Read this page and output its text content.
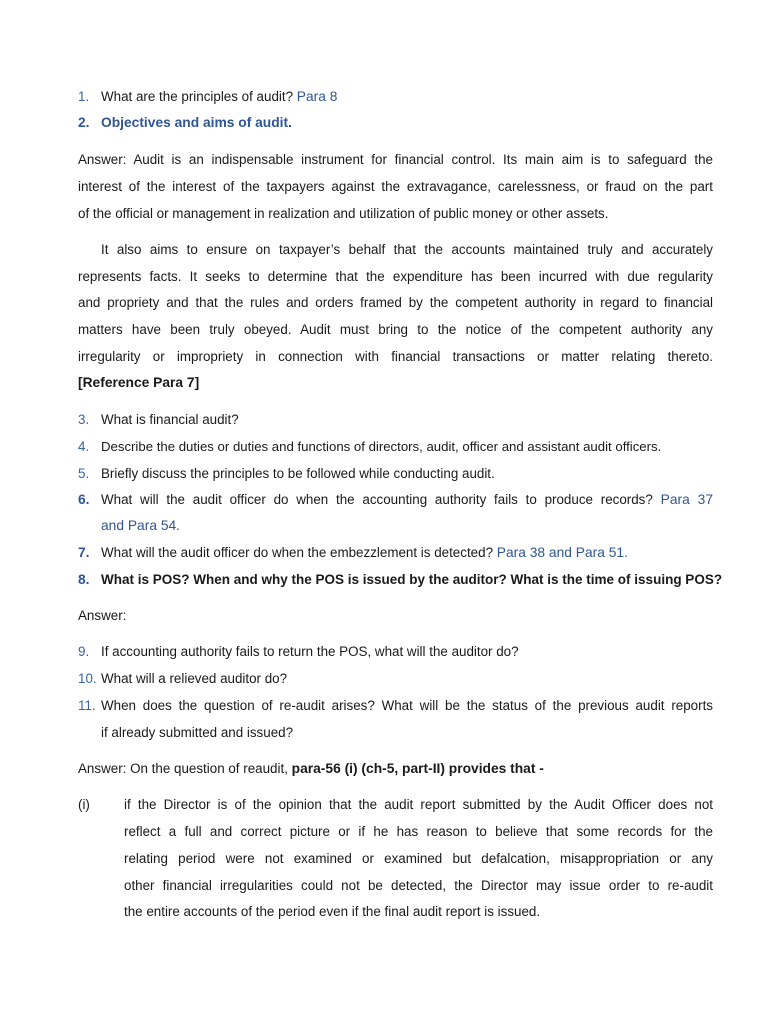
1. What are the principles of audit? Para 8
2. Objectives and aims of audit.
Answer: Audit is an indispensable instrument for financial control. Its main aim is to safeguard the
interest of the interest of the taxpayers against the extravagance, carelessness, or fraud on the part
of the official or management in realization and utilization of public money or other assets.
It also aims to ensure on taxpayer’s behalf that the accounts maintained truly and accurately
represents facts. It seeks to determine that the expenditure has been incurred with due regularity
and propriety and that the rules and orders framed by the competent authority in regard to financial
matters have been truly obeyed. Audit must bring to the notice of the competent authority any
irregularity or impropriety in connection with financial transactions or matter relating thereto.
[Reference Para 7]
3. What is financial audit?
4. Describe the duties or duties and functions of directors, audit, officer and assistant audit officers.
5. Briefly discuss the principles to be followed while conducting audit.
6. What will the audit officer do when the accounting authority fails to produce records? Para 37
and Para 54.
7. What will the audit officer do when the embezzlement is detected? Para 38 and Para 51.
8. What is POS? When and why the POS is issued by the auditor? What is the time of issuing POS?
Answer:
9. If accounting authority fails to return the POS, what will the auditor do?
10. What will a relieved auditor do?
11. When does the question of re-audit arises? What will be the status of the previous audit reports
if already submitted and issued?
Answer: On the question of reaudit, para-56 (i) (ch-5, part-II) provides that -
(i)	if the Director is of the opinion that the audit report submitted by the Audit Officer does not
reflect a full and correct picture or if he has reason to believe that some records for the
relating period were not examined or examined but defalcation, misappropriation or any
other financial irregularities could not be detected, the Director may issue order to re-audit
the entire accounts of the period even if the final audit report is issued.
